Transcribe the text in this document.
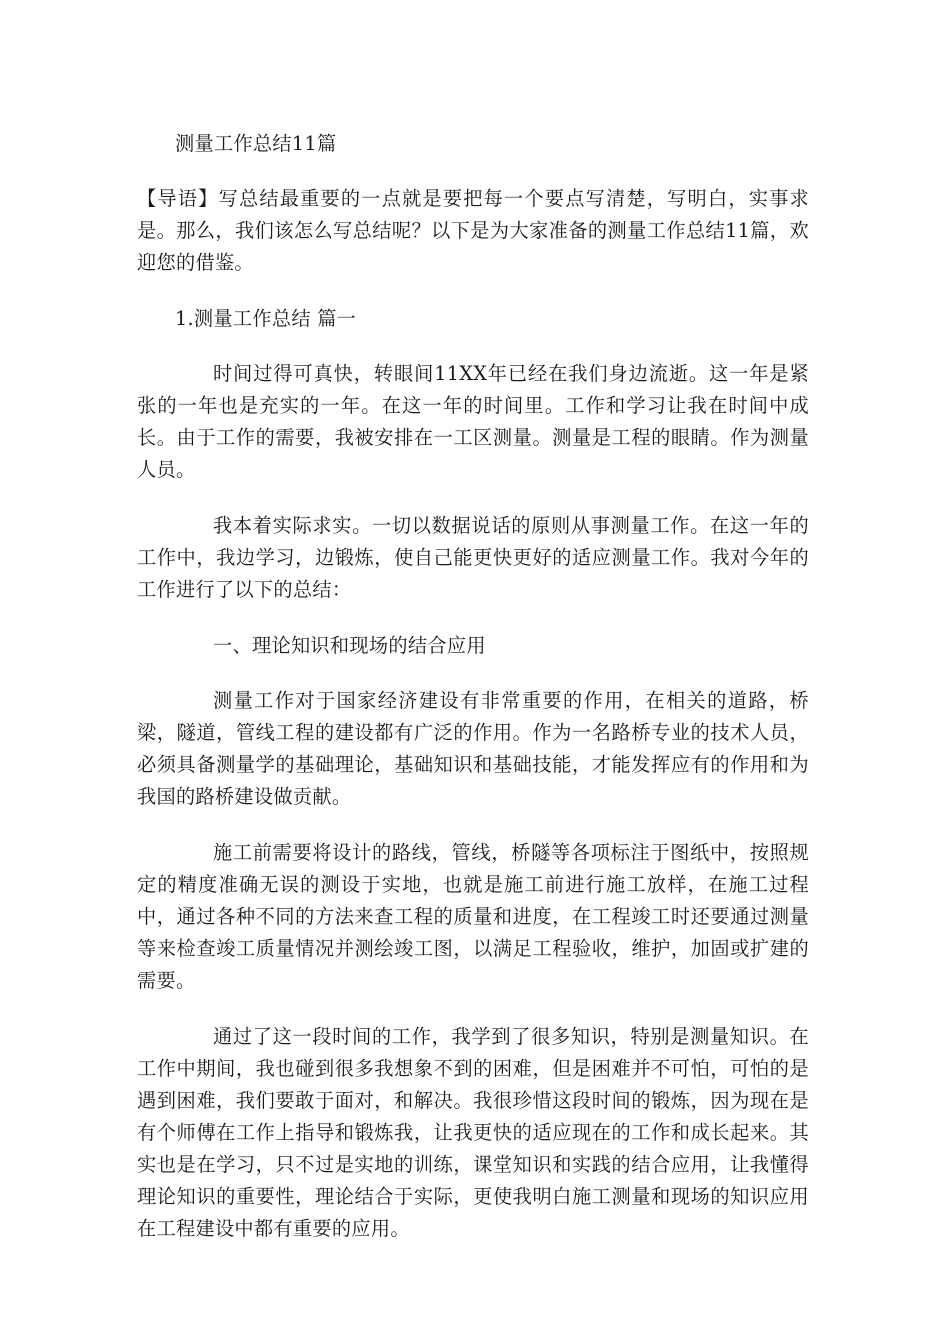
测量工作总结11篇

【导语】写总结最重要的一点就是要把每一个要点写清楚，写明白，实事求是。那么，我们该怎么写总结呢？以下是为大家准备的测量工作总结11篇，欢迎您的借鉴。

1.测量工作总结 篇一

时间过得可真快，转眼间11XX年已经在我们身边流逝。这一年是紧张的一年也是充实的一年。在这一年的时间里。工作和学习让我在时间中成长。由于工作的需要，我被安排在一工区测量。测量是工程的眼睛。作为测量人员。

我本着实际求实。一切以数据说话的原则从事测量工作。在这一年的工作中，我边学习，边锻炼，使自己能更快更好的适应测量工作。我对今年的工作进行了以下的总结：

一、理论知识和现场的结合应用

测量工作对于国家经济建设有非常重要的作用，在相关的道路，桥梁，隧道，管线工程的建设都有广泛的作用。作为一名路桥专业的技术人员，必须具备测量学的基础理论，基础知识和基础技能，才能发挥应有的作用和为我国的路桥建设做贡献。

施工前需要将设计的路线，管线，桥隧等各项标注于图纸中，按照规定的精度准确无误的测设于实地，也就是施工前进行施工放样，在施工过程中，通过各种不同的方法来查工程的质量和进度，在工程竣工时还要通过测量等来检查竣工质量情况并测绘竣工图，以满足工程验收，维护，加固或扩建的需要。

通过了这一段时间的工作，我学到了很多知识，特别是测量知识。在工作中期间，我也碰到很多我想象不到的困难，但是困难并不可怕，可怕的是遇到困难，我们要敢于面对，和解决。我很珍惜这段时间的锻炼，因为现在是有个师傅在工作上指导和锻炼我，让我更快的适应现在的工作和成长起来。其实也是在学习，只不过是实地的训练，课堂知识和实践的结合应用，让我懂得理论知识的重要性，理论结合于实际，更使我明白施工测量和现场的知识应用在工程建设中都有重要的应用。
